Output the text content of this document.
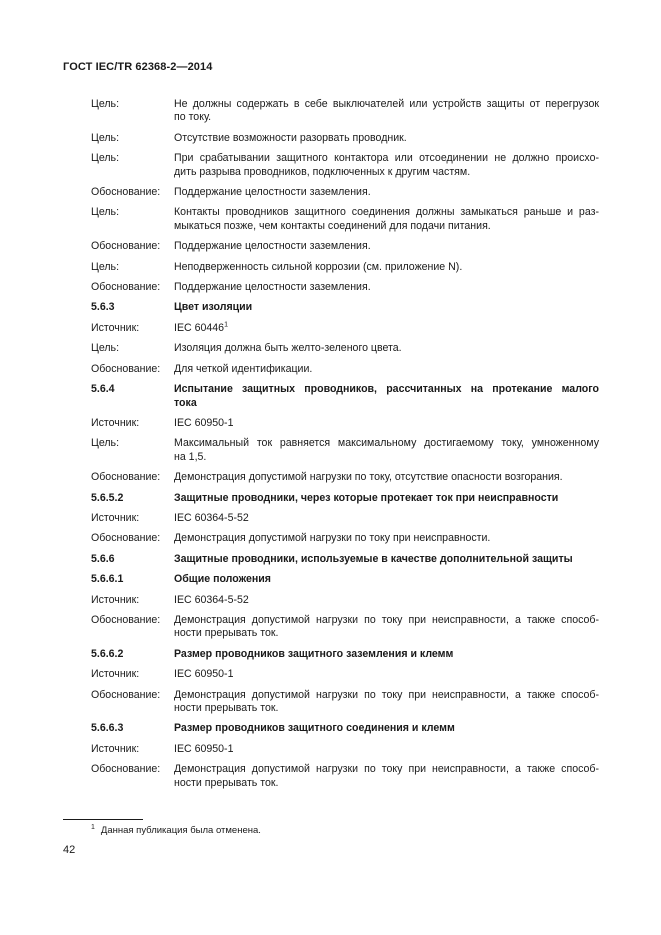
ГОСТ IEC/TR 62368-2—2014
Цель:	Не должны содержать в себе выключателей или устройств защиты от перегрузок
по току.
Цель:	Отсутствие возможности разорвать проводник.
Цель:	При срабатывании защитного контактора или отсоединении не должно происхо-
дить разрыва проводников, подключенных к другим частям.
Обоснование: Поддержание целостности заземления.
Цель:	Контакты проводников защитного соединения должны замыкаться раньше и раз-
мыкаться позже, чем контакты соединений для подачи питания.
Обоснование: Поддержание целостности заземления.
Цель:	Неподверженность сильной коррозии (см. приложение N).
Обоснование: Поддержание целостности заземления.
5.6.3	Цвет изоляции
Источник:	IEC 60446$^1$
Цель:	Изоляция должна быть желто-зеленого цвета.
Обоснование: Для четкой идентификации.
5.6.4	Испытание защитных проводников, рассчитанных на протекание малого
тока
Источник:	IEC 60950-1
Цель:	Максимальный ток равняется максимальному достигаемому току, умноженному
на 1,5.
Обоснование: Демонстрация допустимой нагрузки по току, отсутствие опасности возгорания.
5.6.5.2	Защитные проводники, через которые протекает ток при неисправности
Источник:	IEC 60364-5-52
Обоснование: Демонстрация допустимой нагрузки по току при неисправности.
5.6.6	Защитные проводники, используемые в качестве дополнительной защиты
5.6.6.1	Общие положения
Источник:	IEC 60364-5-52
Обоснование: Демонстрация допустимой нагрузки по току при неисправности, а также способ-
ности прерывать ток.
5.6.6.2	Размер проводников защитного заземления и клемм
Источник:	IEC 60950-1
Обоснование: Демонстрация допустимой нагрузки по току при неисправности, а также способ-
ности прерывать ток.
5.6.6.3	Размер проводников защитного соединения и клемм
Источник:	IEC 60950-1
Обоснование: Демонстрация допустимой нагрузки по току при неисправности, а также способ-
ности прерывать ток.
$^1$ Данная публикация была отменена.
42
